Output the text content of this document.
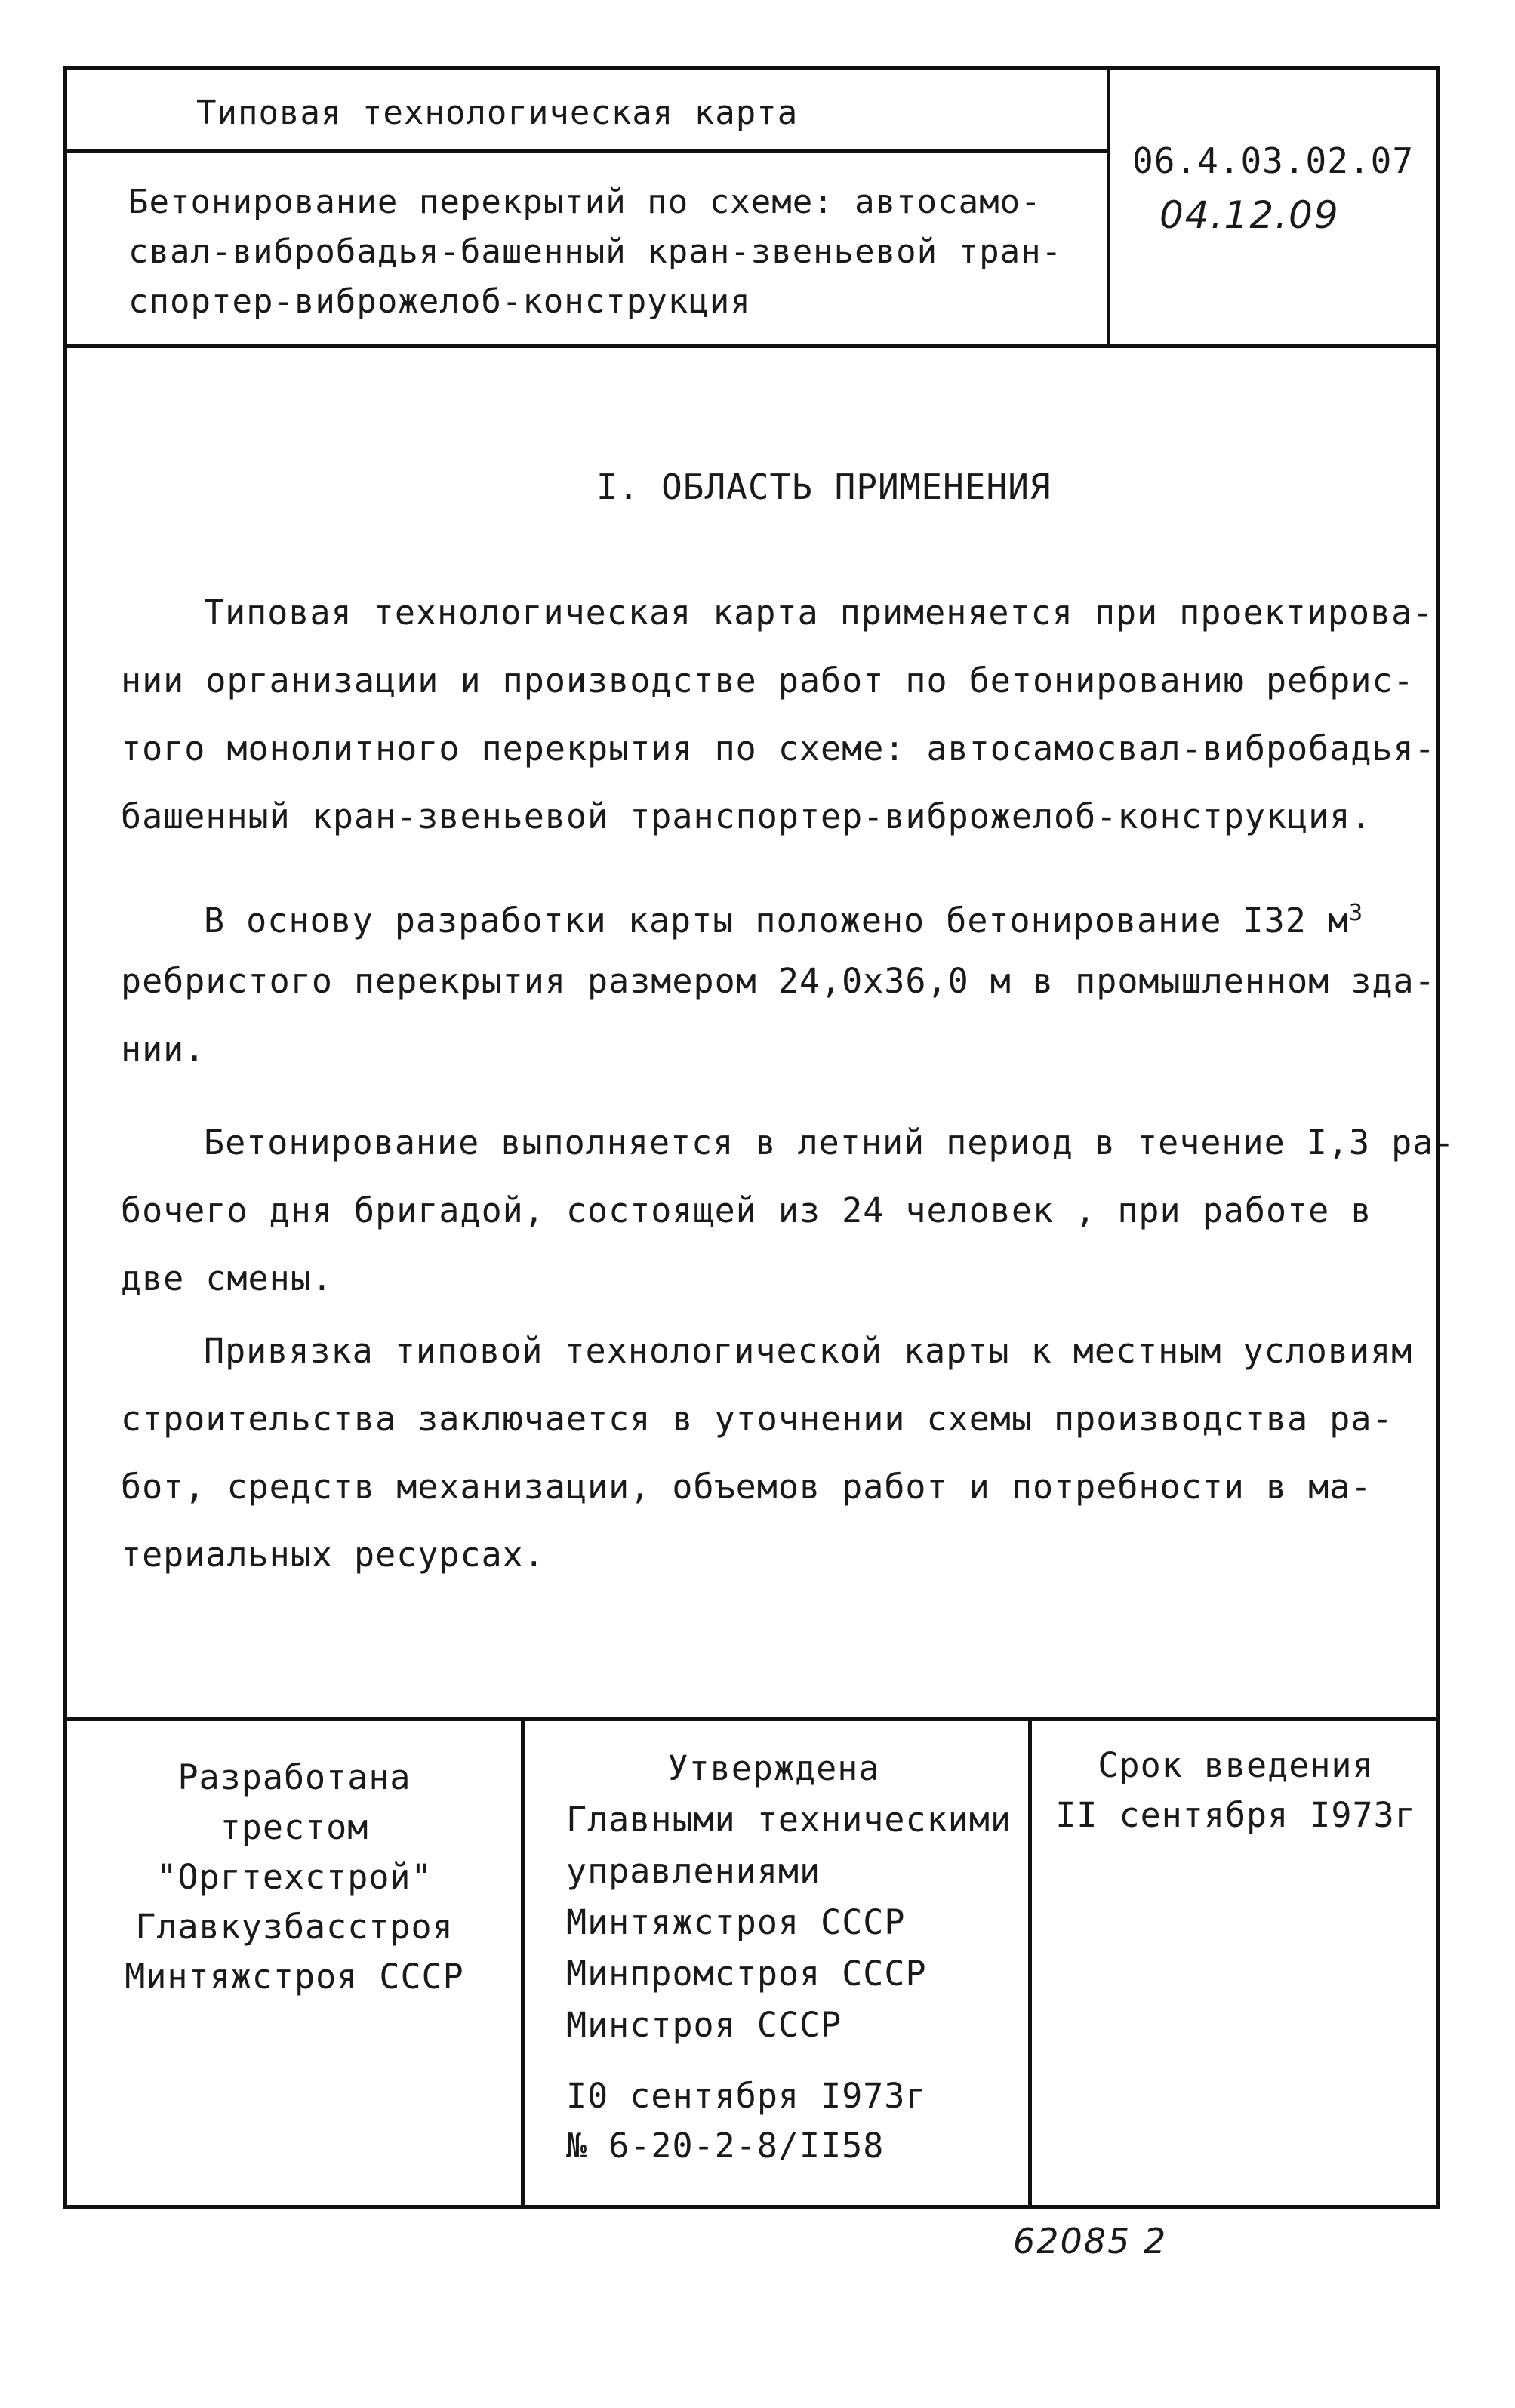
Типовая технологическая карта
Бетонирование перекрытий по схеме: автосамо-
свал-вибробадья-башенный кран-звеньевой тран-
спортер-виброжелоб-конструкция
06.4.03.02.07
04.12.09
I. ОБЛАСТЬ ПРИМЕНЕНИЯ
Типовая технологическая карта применяется при проектирова-
нии организации и производстве работ по бетонированию ребрис-
того монолитного перекрытия по схеме: автосамосвал-вибробадья-
башенный кран-звеньевой транспортер-виброжелоб-конструкция.
В основу разработки карты положено бетонирование I32 $м^3$
ребристого перекрытия размером 24,0х36,0 м в промышленном зда-
нии.
Бетонирование выполняется в летний период в течение I,3 ра-
бочего дня бригадой, состоящей из 24 человек , при работе в
две смены.
Привязка типовой технологической карты к местным условиям
строительства заключается в уточнении схемы производства ра-
бот, средств механизации, объемов работ и потребности в ма-
териальных ресурсах.
Разработана
трестом
"Оргтехстрой"
Главкузбасстроя
Минтяжстроя СССР
Утверждена
Главными техническими
управлениями
Минтяжстроя СССР
Минпромстроя СССР
Минстроя СССР
I0 сентября I973г
№ 6-20-2-8/II58
Срок введения
II сентября I973г
62085 2
